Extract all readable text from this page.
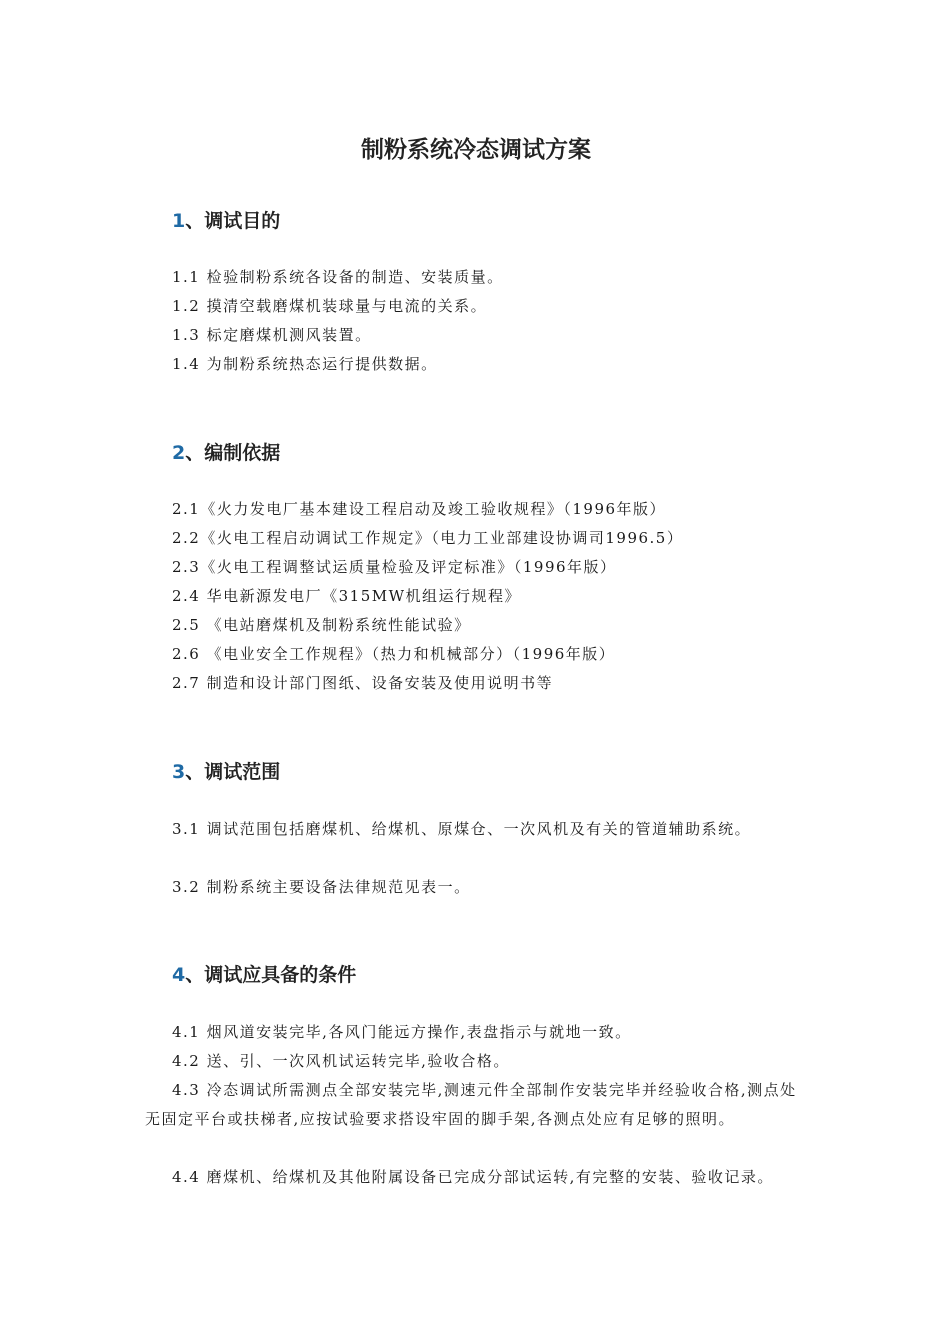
制粉系统冷态调试方案
1、调试目的
1.1 检验制粉系统各设备的制造、安装质量。
1.2 摸清空载磨煤机装球量与电流的关系。
1.3 标定磨煤机测风装置。
1.4 为制粉系统热态运行提供数据。
2、编制依据
2.1《火力发电厂基本建设工程启动及竣工验收规程》（1996年版）
2.2《火电工程启动调试工作规定》（电力工业部建设协调司1996.5）
2.3《火电工程调整试运质量检验及评定标准》（1996年版）
2.4 华电新源发电厂《315MW机组运行规程》
2.5 《电站磨煤机及制粉系统性能试验》
2.6 《电业安全工作规程》（热力和机械部分）（1996年版）
2.7 制造和设计部门图纸、设备安装及使用说明书等
3、调试范围
3.1 调试范围包括磨煤机、给煤机、原煤仓、一次风机及有关的管道辅助系统。
3.2 制粉系统主要设备法律规范见表一。
4、调试应具备的条件
4.1 烟风道安装完毕,各风门能远方操作,表盘指示与就地一致。
4.2 送、引、一次风机试运转完毕,验收合格。
4.3 冷态调试所需测点全部安装完毕,测速元件全部制作安装完毕并经验收合格,测点处无固定平台或扶梯者,应按试验要求搭设牢固的脚手架,各测点处应有足够的照明。
4.4 磨煤机、给煤机及其他附属设备已完成分部试运转,有完整的安装、验收记录。
